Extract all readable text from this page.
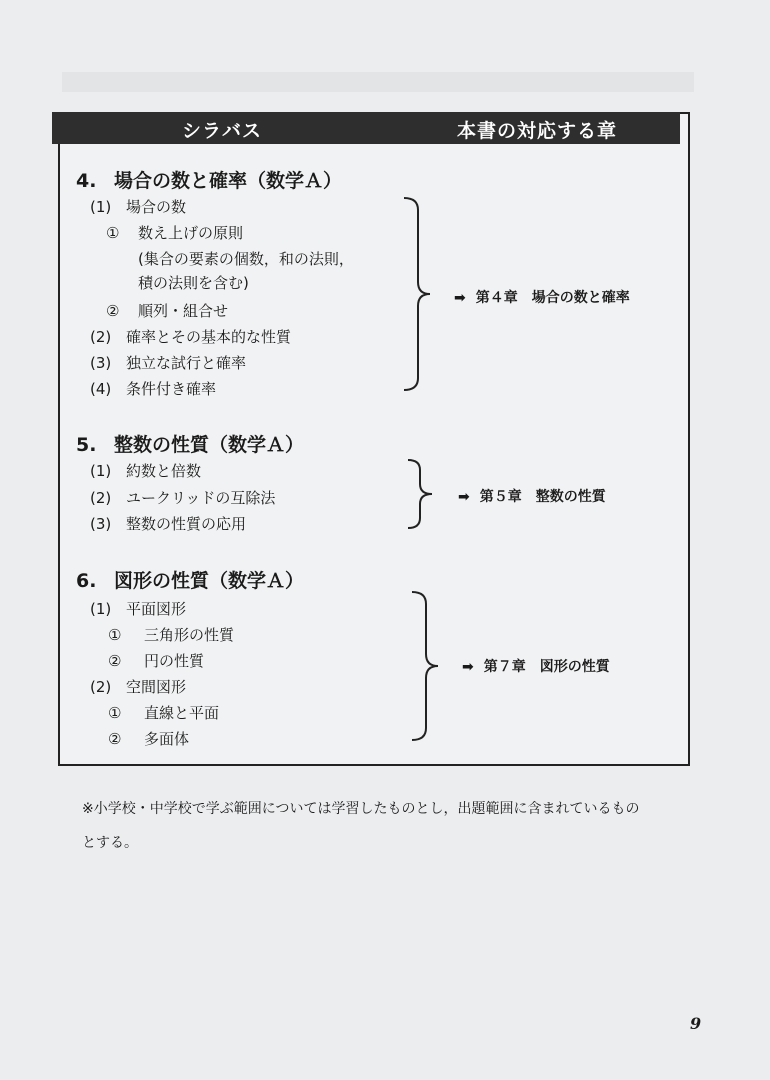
シラバス	本書の対応する章
4. 場合の数と確率（数学Ａ）
(1) 場合の数
① 数え上げの原則
(集合の要素の個数，和の法則，
積の法則を含む)
② 順列・組合せ
(2) 確率とその基本的な性質
(3) 独立な試行と確率
(4) 条件付き確率
➡ 第４章　場合の数と確率
5. 整数の性質（数学Ａ）
(1) 約数と倍数
(2) ユークリッドの互除法
(3) 整数の性質の応用
➡ 第５章　整数の性質
6. 図形の性質（数学Ａ）
(1) 平面図形
① 三角形の性質
② 円の性質
(2) 空間図形
① 直線と平面
② 多面体
➡ 第７章　図形の性質
※小学校・中学校で学ぶ範囲については学習したものとし，出題範囲に含まれているもの
とする。
9
